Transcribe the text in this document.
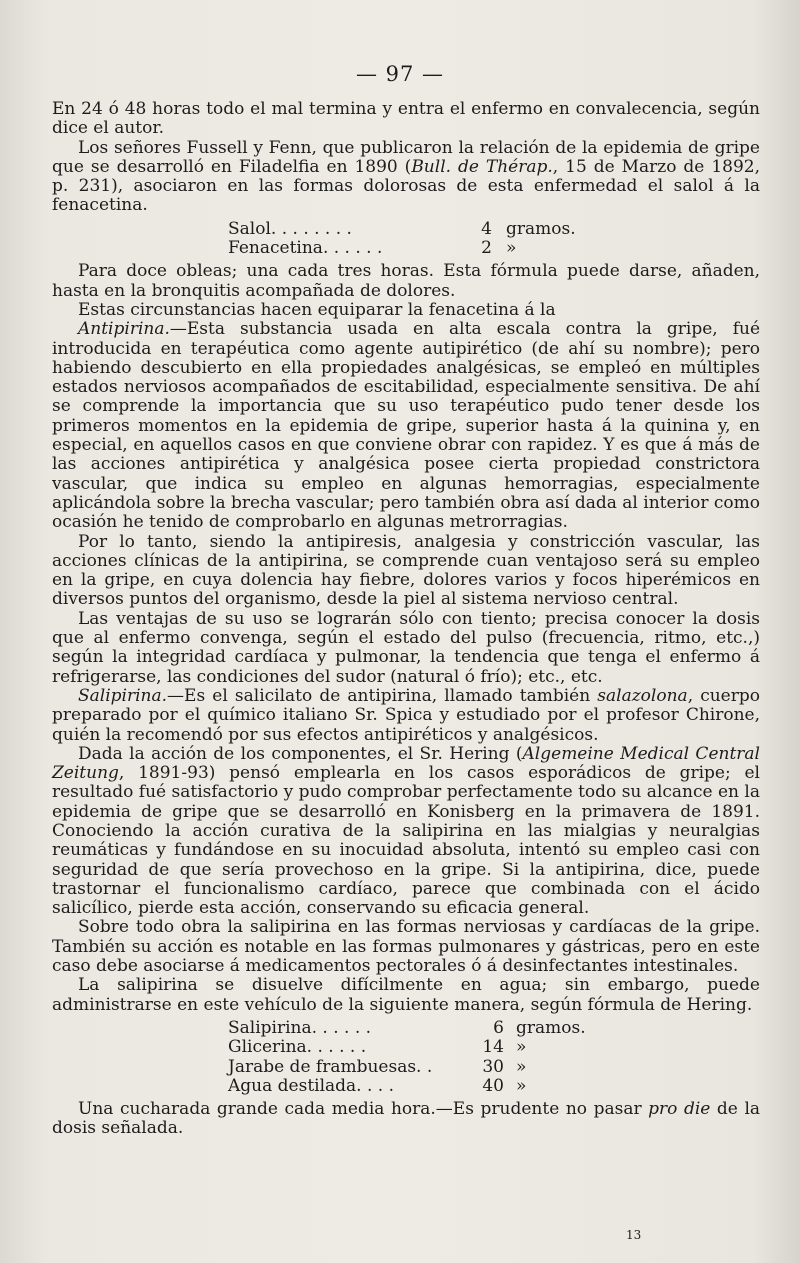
— 97 —

En 24 ó 48 horas todo el mal termina y entra el enfermo en convalecencia, según dice el autor.

Los señores Fussell y Fenn, que publicaron la relación de la epidemia de gripe que se desarrolló en Filadelfia en 1890 (Bull. de Thérap., 15 de Marzo de 1892, p. 231), asociaron en las formas dolorosas de esta enfermedad el salol á la fenacetina.

Salol. . . . . . . .	4	gramos.
Fenacetina. . . . . .	2	»

Para doce obleas; una cada tres horas. Esta fórmula puede darse, añaden, hasta en la bronquitis acompañada de dolores.

Estas circunstancias hacen equiparar la fenacetina á la

Antipirina.—Esta substancia usada en alta escala contra la gripe, fué introducida en terapéutica como agente autipirético (de ahí su nombre); pero habiendo descubierto en ella propiedades analgésicas, se empleó en múltiples estados nerviosos acompañados de escitabilidad, especialmente sensitiva. De ahí se comprende la importancia que su uso terapéutico pudo tener desde los primeros momentos en la epidemia de gripe, superior hasta á la quinina y, en especial, en aquellos casos en que conviene obrar con rapidez. Y es que á más de las acciones antipirética y analgésica posee cierta propiedad constrictora vascular, que indica su empleo en algunas hemorragias, especialmente aplicándola sobre la brecha vascular; pero también obra así dada al interior como ocasión he tenido de comprobarlo en algunas metrorragias.

Por lo tanto, siendo la antipiresis, analgesia y constricción vascular, las acciones clínicas de la antipirina, se comprende cuan ventajoso será su empleo en la gripe, en cuya dolencia hay fiebre, dolores varios y focos hiperémicos en diversos puntos del organismo, desde la piel al sistema nervioso central.

Las ventajas de su uso se lograrán sólo con tiento; precisa conocer la dosis que al enfermo convenga, según el estado del pulso (frecuencia, ritmo, etc.,) según la integridad cardíaca y pulmonar, la tendencia que tenga el enfermo á refrigerarse, las condiciones del sudor (natural ó frío); etc., etc.

Salipirina.—Es el salicilato de antipirina, llamado también salazolona, cuerpo preparado por el químico italiano Sr. Spica y estudiado por el profesor Chirone, quién la recomendó por sus efectos antipiréticos y analgésicos.

Dada la acción de los componentes, el Sr. Hering (Algemeine Medical Central Zeitung, 1891-93) pensó emplearla en los casos esporádicos de gripe; el resultado fué satisfactorio y pudo comprobar perfectamente todo su alcance en la epidemia de gripe que se desarrolló en Konisberg en la primavera de 1891. Conociendo la acción curativa de la salipirina en las mialgias y neuralgias reumáticas y fundándose en su inocuidad absoluta, intentó su empleo casi con seguridad de que sería provechoso en la gripe. Si la antipirina, dice, puede trastornar el funcionalismo cardíaco, parece que combinada con el ácido salicílico, pierde esta acción, conservando su eficacia general.

Sobre todo obra la salipirina en las formas nerviosas y cardíacas de la gripe. También su acción es notable en las formas pulmonares y gástricas, pero en este caso debe asociarse á medicamentos pectorales ó á desinfectantes intestinales.

La salipirina se disuelve difícilmente en agua; sin embargo, puede administrarse en este vehículo de la siguiente manera, según fórmula de Hering.

Salipirina. . . . . .	6	gramos.
Glicerina. . . . . .	14	»
Jarabe de frambuesas. .	30	»
Agua destilada. . . .	40	»

Una cucharada grande cada media hora.—Es prudente no pasar pro die de la dosis señalada.

13
